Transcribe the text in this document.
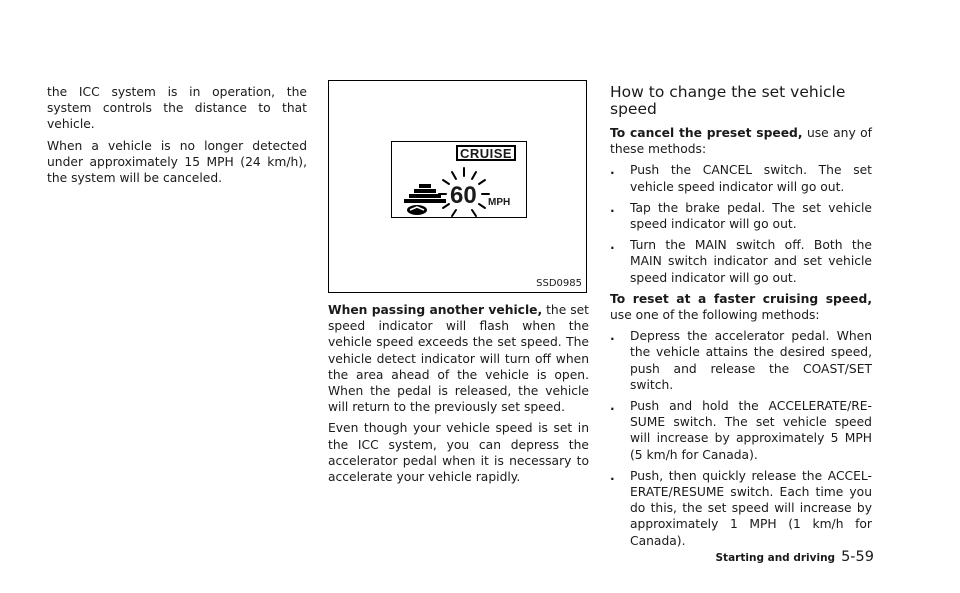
the ICC system is in operation, the system controls the distance to that vehicle.

When a vehicle is no longer detected under approximately 15 MPH (24 km/h), the system will be canceled.

CRUISE
60 MPH
SSD0985

When passing another vehicle, the set speed indicator will flash when the vehicle speed exceeds the set speed. The vehicle detect indicator will turn off when the area ahead of the vehicle is open. When the pedal is released, the vehicle will return to the previously set speed.

Even though your vehicle speed is set in the ICC system, you can depress the accelerator pedal when it is necessary to accelerate your vehicle rapidly.

How to change the set vehicle speed

To cancel the preset speed, use any of these methods:

. Push the CANCEL switch. The set vehicle speed indicator will go out.
. Tap the brake pedal. The set vehicle speed indicator will go out.
. Turn the MAIN switch off. Both the MAIN switch indicator and set vehicle speed indicator will go out.

To reset at a faster cruising speed, use one of the following methods:

. Depress the accelerator pedal. When the vehicle attains the desired speed, push and release the COAST/SET switch.
. Push and hold the ACCELERATE/RE-SUME switch. The set vehicle speed will increase by approximately 5 MPH (5 km/h for Canada).
. Push, then quickly release the ACCEL-ERATE/RESUME switch. Each time you do this, the set speed will increase by approximately 1 MPH (1 km/h for Canada).
Starting and driving 5-59
